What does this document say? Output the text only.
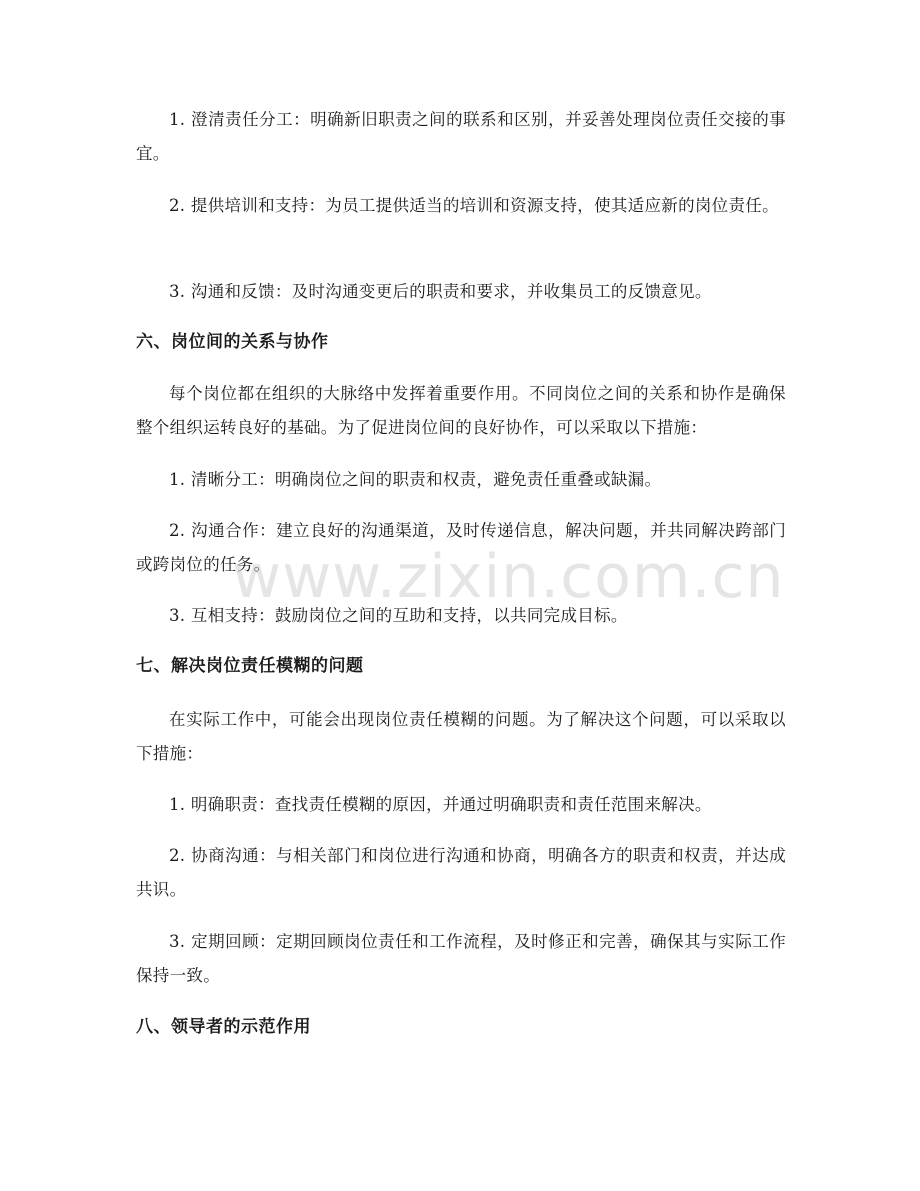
1. 澄清责任分工：明确新旧职责之间的联系和区别，并妥善处理岗位责任交接的事宜。

2. 提供培训和支持：为员工提供适当的培训和资源支持，使其适应新的岗位责任。

3. 沟通和反馈：及时沟通变更后的职责和要求，并收集员工的反馈意见。

六、岗位间的关系与协作

每个岗位都在组织的大脉络中发挥着重要作用。不同岗位之间的关系和协作是确保整个组织运转良好的基础。为了促进岗位间的良好协作，可以采取以下措施：

1. 清晰分工：明确岗位之间的职责和权责，避免责任重叠或缺漏。

2. 沟通合作：建立良好的沟通渠道，及时传递信息，解决问题，并共同解决跨部门或跨岗位的任务。

3. 互相支持：鼓励岗位之间的互助和支持，以共同完成目标。

七、解决岗位责任模糊的问题

在实际工作中，可能会出现岗位责任模糊的问题。为了解决这个问题，可以采取以下措施：

1. 明确职责：查找责任模糊的原因，并通过明确职责和责任范围来解决。

2. 协商沟通：与相关部门和岗位进行沟通和协商，明确各方的职责和权责，并达成共识。

3. 定期回顾：定期回顾岗位责任和工作流程，及时修正和完善，确保其与实际工作保持一致。

八、领导者的示范作用
www.zixin.com.cn
